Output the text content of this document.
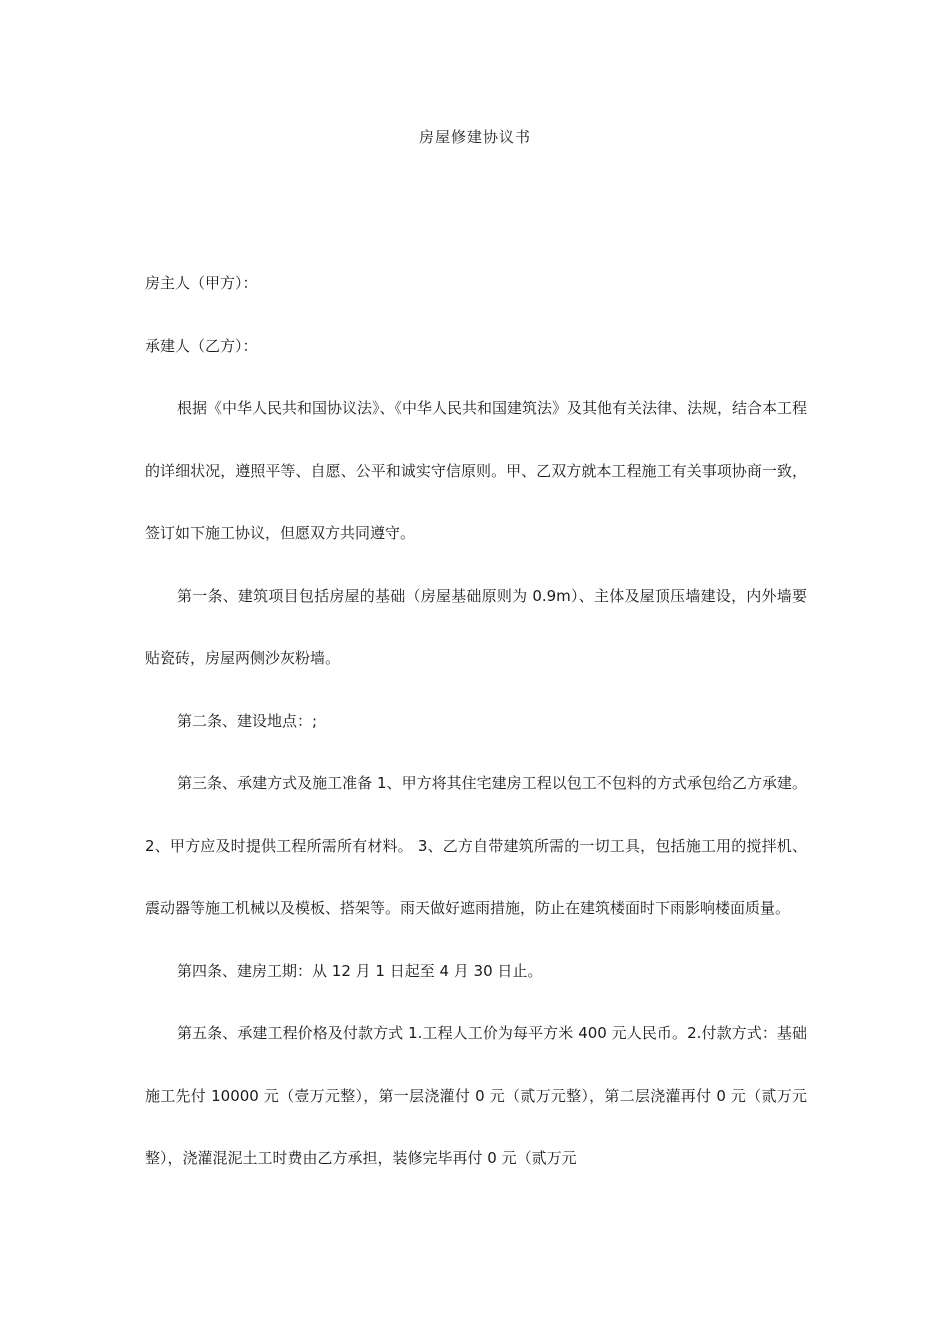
房屋修建协议书

房主人（甲方）：

承建人（乙方）：

根据《中华人民共和国协议法》、《中华人民共和国建筑法》及其他有关法律、法规，结合本工程的详细状况，遵照平等、自愿、公平和诚实守信原则。甲、乙双方就本工程施工有关事项协商一致，签订如下施工协议，但愿双方共同遵守。

第一条、建筑项目包括房屋的基础（房屋基础原则为 0.9m）、主体及屋顶压墙建设，内外墙要贴瓷砖，房屋两侧沙灰粉墙。

第二条、建设地点：;

第三条、承建方式及施工准备 1、甲方将其住宅建房工程以包工不包料的方式承包给乙方承建。 2、甲方应及时提供工程所需所有材料。 3、乙方自带建筑所需的一切工具，包括施工用的搅拌机、震动器等施工机械以及模板、搭架等。雨天做好遮雨措施，防止在建筑楼面时下雨影响楼面质量。

第四条、建房工期：从 12 月 1 日起至 4 月 30 日止。

第五条、承建工程价格及付款方式 1.工程人工价为每平方米 400 元人民币。2.付款方式：基础施工先付 10000 元（壹万元整），第一层浇灌付 0 元（贰万元整），第二层浇灌再付 0 元（贰万元整），浇灌混泥土工时费由乙方承担，装修完毕再付 0 元（贰万元
